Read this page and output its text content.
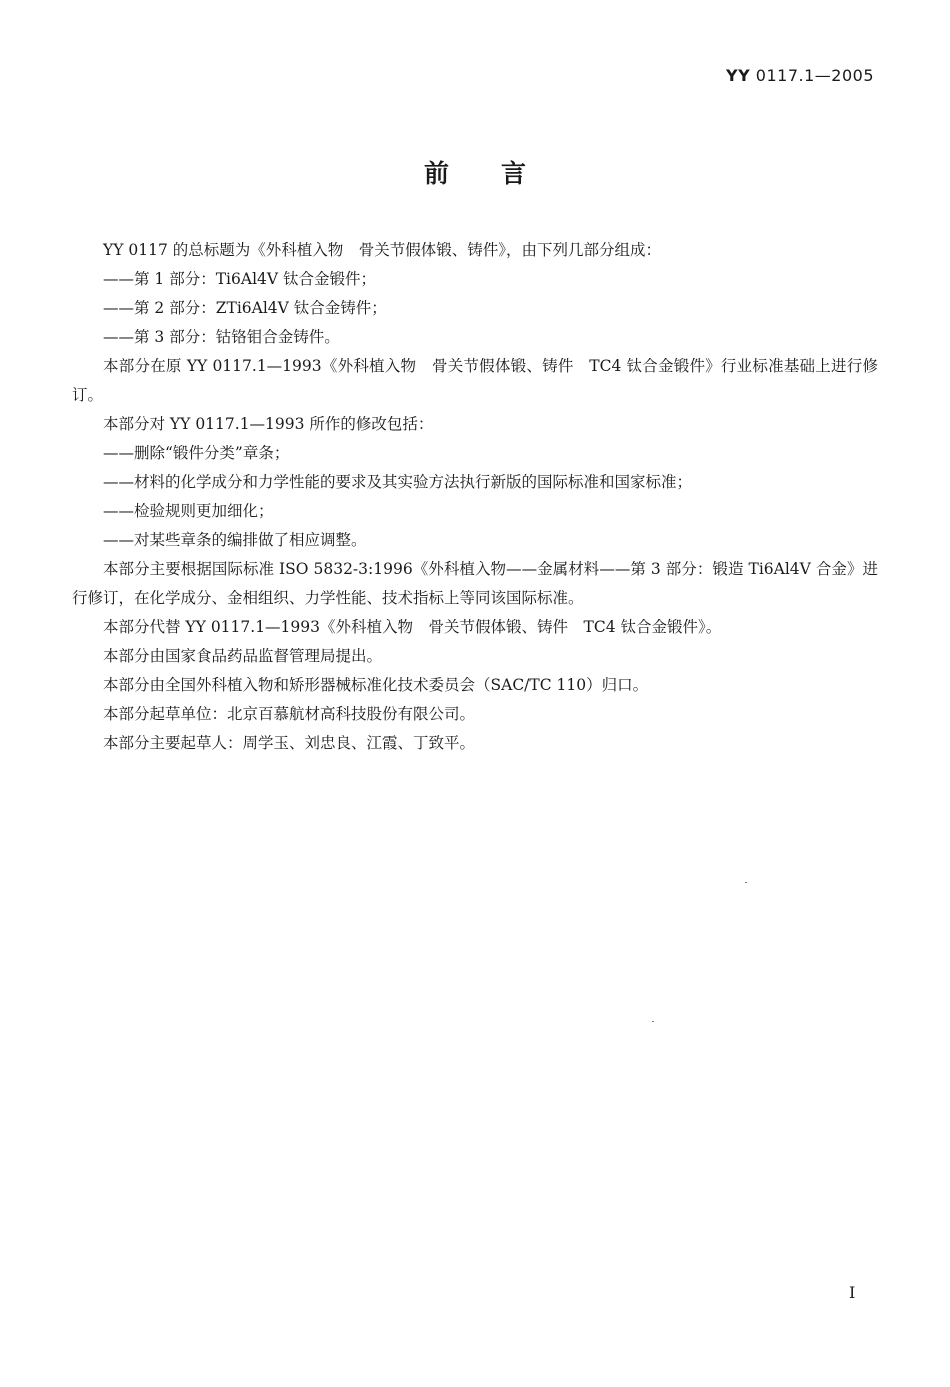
YY 0117.1—2005
前言

YY 0117 的总标题为《外科植入物　骨关节假体锻、铸件》，由下列几部分组成：

——第 1 部分：Ti6Al4V 钛合金锻件；

——第 2 部分：ZTi6Al4V 钛合金铸件；

——第 3 部分：钴铬钼合金铸件。

本部分在原 YY 0117.1—1993《外科植入物　骨关节假体锻、铸件　TC4 钛合金锻件》行业标准基础上进行修订。

本部分对 YY 0117.1—1993 所作的修改包括：

——删除“锻件分类”章条；

——材料的化学成分和力学性能的要求及其实验方法执行新版的国际标准和国家标准；

——检验规则更加细化；

——对某些章条的编排做了相应调整。

本部分主要根据国际标准 ISO 5832-3:1996《外科植入物——金属材料——第 3 部分：锻造 Ti6Al4V 合金》进行修订，在化学成分、金相组织、力学性能、技术指标上等同该国际标准。

本部分代替 YY 0117.1—1993《外科植入物　骨关节假体锻、铸件　TC4 钛合金锻件》。

本部分由国家食品药品监督管理局提出。

本部分由全国外科植入物和矫形器械标准化技术委员会（SAC/TC 110）归口。

本部分起草单位：北京百慕航材高科技股份有限公司。

本部分主要起草人：周学玉、刘忠良、江霞、丁致平。

I
